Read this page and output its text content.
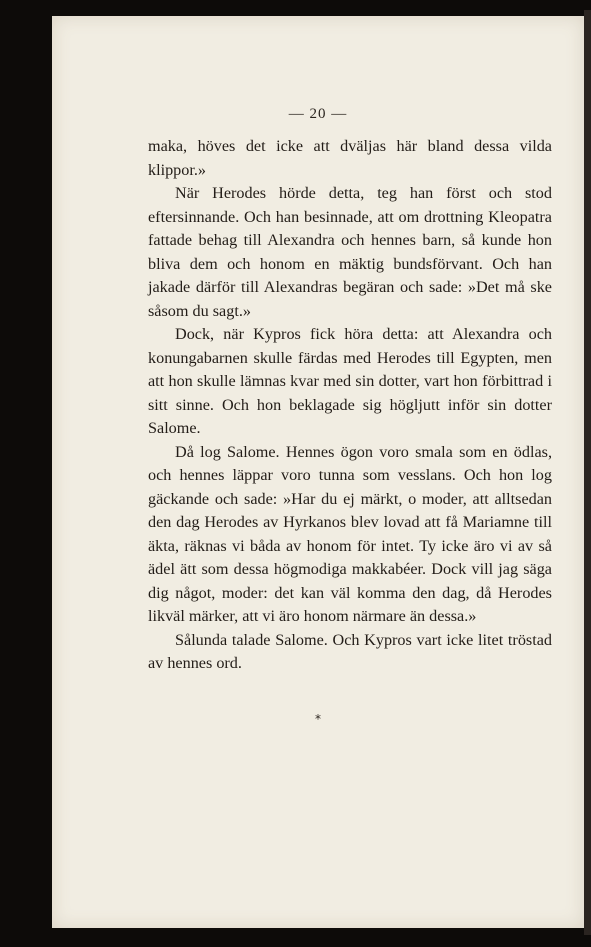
— 20 —

maka, höves det icke att dväljas här bland dessa vilda klippor.»

När Herodes hörde detta, teg han först och stod eftersinnande. Och han besinnade, att om drottning Kleopatra fattade behag till Alexandra och hennes barn, så kunde hon bliva dem och honom en mäktig bundsförvant. Och han jakade därför till Alexandras begäran och sade: »Det må ske såsom du sagt.»

Dock, när Kypros fick höra detta: att Alexandra och konungabarnen skulle färdas med Herodes till Egypten, men att hon skulle lämnas kvar med sin dotter, vart hon förbittrad i sitt sinne. Och hon beklagade sig högljutt inför sin dotter Salome.

Då log Salome. Hennes ögon voro smala som en ödlas, och hennes läppar voro tunna som vesslans. Och hon log gäckande och sade: »Har du ej märkt, o moder, att alltsedan den dag Herodes av Hyrkanos blev lovad att få Mariamne till äkta, räknas vi båda av honom för intet. Ty icke äro vi av så ädel ätt som dessa högmodiga makkabéer. Dock vill jag säga dig något, moder: det kan väl komma den dag, då Herodes likväl märker, att vi äro honom närmare än dessa.»

Sålunda talade Salome. Och Kypros vart icke litet tröstad av hennes ord.

*
